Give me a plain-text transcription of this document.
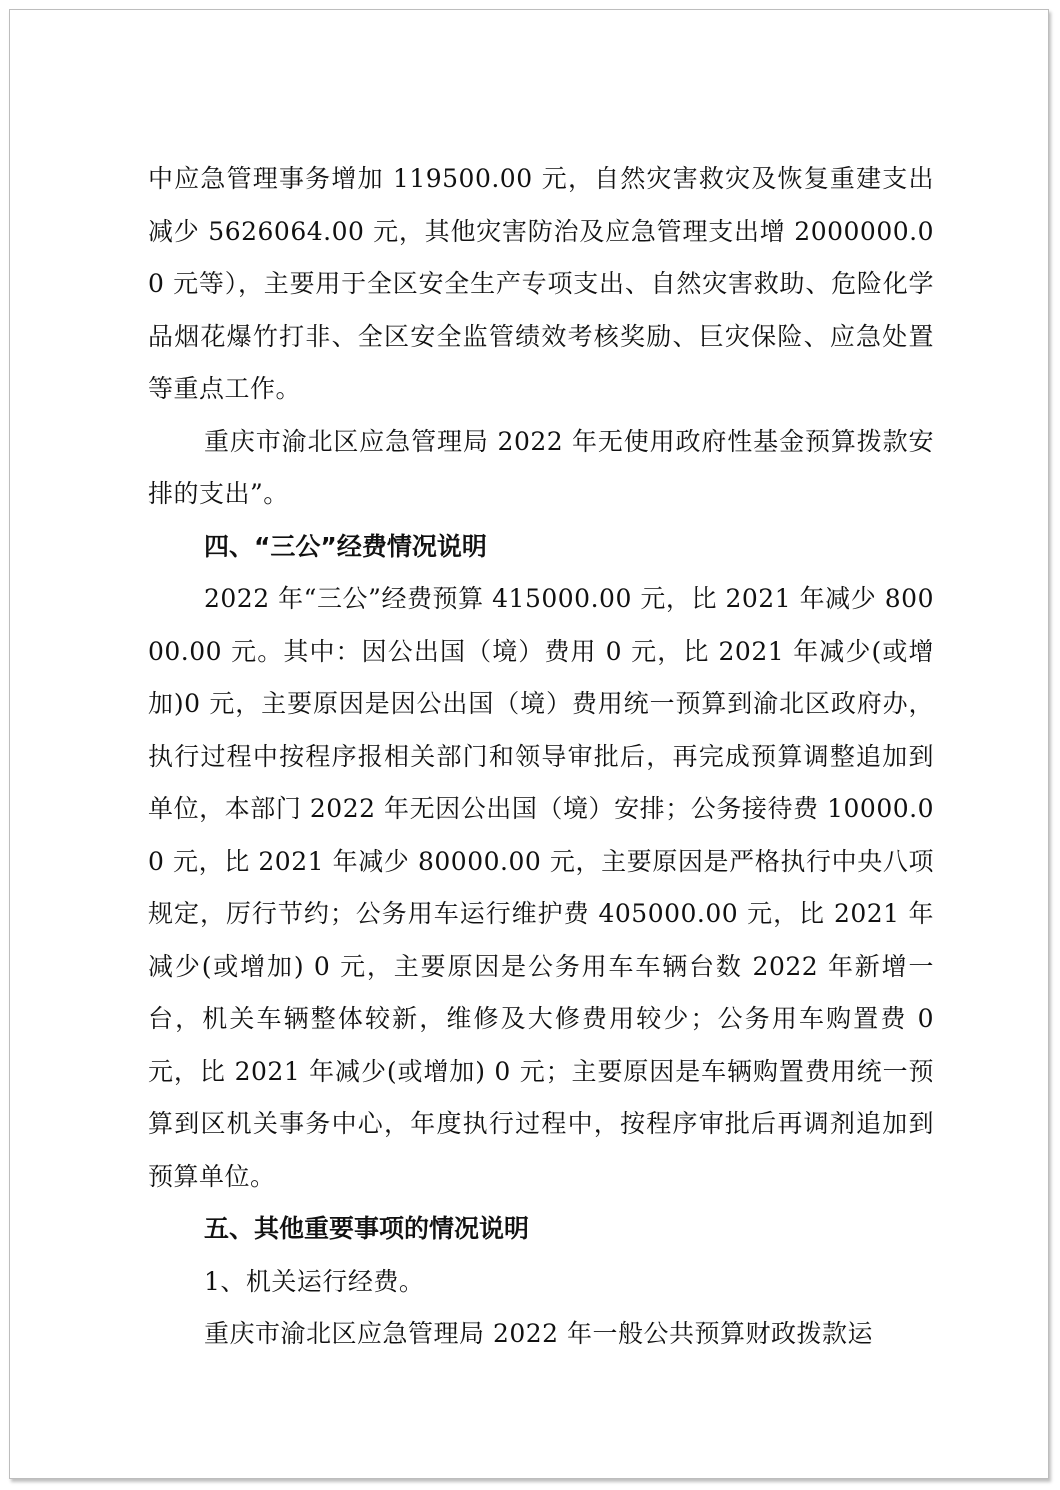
中应急管理事务增加 119500.00 元，自然灾害救灾及恢复重建支出减少 5626064.00 元，其他灾害防治及应急管理支出增 2000000.00 元等），主要用于全区安全生产专项支出、自然灾害救助、危险化学品烟花爆竹打非、全区安全监管绩效考核奖励、巨灾保险、应急处置等重点工作。

重庆市渝北区应急管理局 2022 年无使用政府性基金预算拨款安排的支出”。

四、“三公”经费情况说明

2022 年“三公”经费预算 415000.00 元，比 2021 年减少 80000.00 元。其中：因公出国（境）费用 0 元，比 2021 年减少(或增加)0 元，主要原因是因公出国（境）费用统一预算到渝北区政府办，执行过程中按程序报相关部门和领导审批后，再完成预算调整追加到单位，本部门 2022 年无因公出国（境）安排；公务接待费 10000.00 元，比 2021 年减少 80000.00 元，主要原因是严格执行中央八项规定，厉行节约；公务用车运行维护费 405000.00 元，比 2021 年减少(或增加) 0 元，主要原因是公务用车车辆台数 2022 年新增一台，机关车辆整体较新，维修及大修费用较少；公务用车购置费 0 元，比 2021 年减少(或增加) 0 元；主要原因是车辆购置费用统一预算到区机关事务中心，年度执行过程中，按程序审批后再调剂追加到预算单位。

五、其他重要事项的情况说明

1、机关运行经费。

重庆市渝北区应急管理局 2022 年一般公共预算财政拨款运
